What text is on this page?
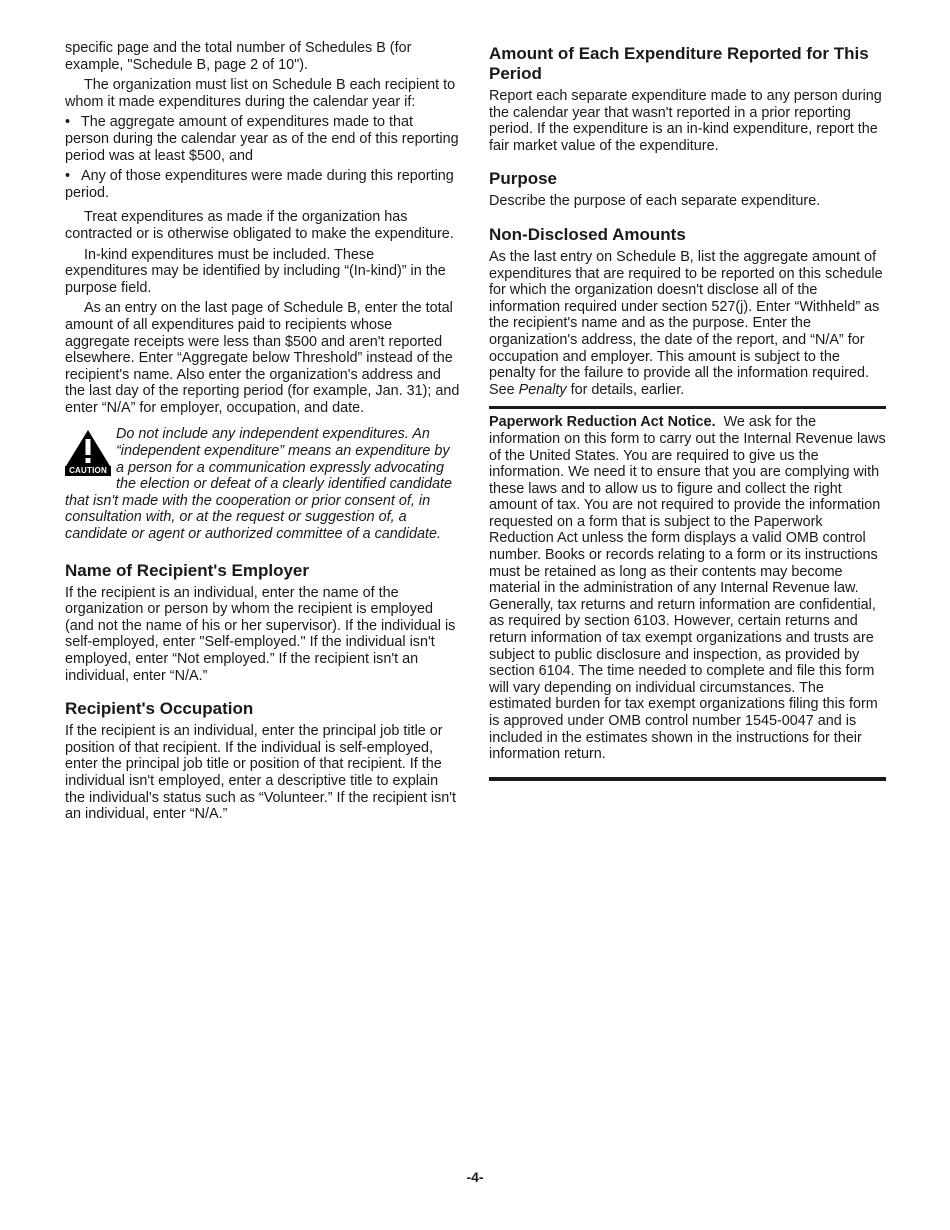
specific page and the total number of Schedules B (for example, "Schedule B, page 2 of 10").

The organization must list on Schedule B each recipient to whom it made expenditures during the calendar year if:

• The aggregate amount of expenditures made to that person during the calendar year as of the end of this reporting period was at least $500, and
• Any of those expenditures were made during this reporting period.

Treat expenditures as made if the organization has contracted or is otherwise obligated to make the expenditure.

In-kind expenditures must be included. These expenditures may be identified by including “(In-kind)” in the purpose field.

As an entry on the last page of Schedule B, enter the total amount of all expenditures paid to recipients whose aggregate receipts were less than $500 and aren't reported elsewhere. Enter “Aggregate below Threshold” instead of the recipient's name. Also enter the organization's address and the last day of the reporting period (for example, Jan. 31); and enter “N/A” for employer, occupation, and date.

CAUTION

Do not include any independent expenditures. An “independent expenditure” means an expenditure by a person for a communication expressly advocating the election or defeat of a clearly identified candidate that isn't made with the cooperation or prior consent of, in consultation with, or at the request or suggestion of, a candidate or agent or authorized committee of a candidate.

Name of Recipient's Employer

If the recipient is an individual, enter the name of the organization or person by whom the recipient is employed (and not the name of his or her supervisor). If the individual is self-employed, enter "Self-employed." If the individual isn't employed, enter “Not employed.” If the recipient isn't an individual, enter “N/A.”

Recipient's Occupation

If the recipient is an individual, enter the principal job title or position of that recipient. If the individual is self-employed, enter the principal job title or position of that recipient. If the individual isn't employed, enter a descriptive title to explain the individual's status such as “Volunteer.” If the recipient isn't an individual, enter “N/A.”

Amount of Each Expenditure Reported for This Period

Report each separate expenditure made to any person during the calendar year that wasn't reported in a prior reporting period. If the expenditure is an in-kind expenditure, report the fair market value of the expenditure.

Purpose

Describe the purpose of each separate expenditure.

Non-Disclosed Amounts

As the last entry on Schedule B, list the aggregate amount of expenditures that are required to be reported on this schedule for which the organization doesn't disclose all of the information required under section 527(j). Enter “Withheld” as the recipient's name and as the purpose. Enter the organization's address, the date of the report, and “N/A” for occupation and employer. This amount is subject to the penalty for the failure to provide all the information required. See Penalty for details, earlier.

Paperwork Reduction Act Notice. We ask for the information on this form to carry out the Internal Revenue laws of the United States. You are required to give us the information. We need it to ensure that you are complying with these laws and to allow us to figure and collect the right amount of tax. You are not required to provide the information requested on a form that is subject to the Paperwork Reduction Act unless the form displays a valid OMB control number. Books or records relating to a form or its instructions must be retained as long as their contents may become material in the administration of any Internal Revenue law. Generally, tax returns and return information are confidential, as required by section 6103. However, certain returns and return information of tax exempt organizations and trusts are subject to public disclosure and inspection, as provided by section 6104. The time needed to complete and file this form will vary depending on individual circumstances. The estimated burden for tax exempt organizations filing this form is approved under OMB control number 1545-0047 and is included in the estimates shown in the instructions for their information return.

-4-
